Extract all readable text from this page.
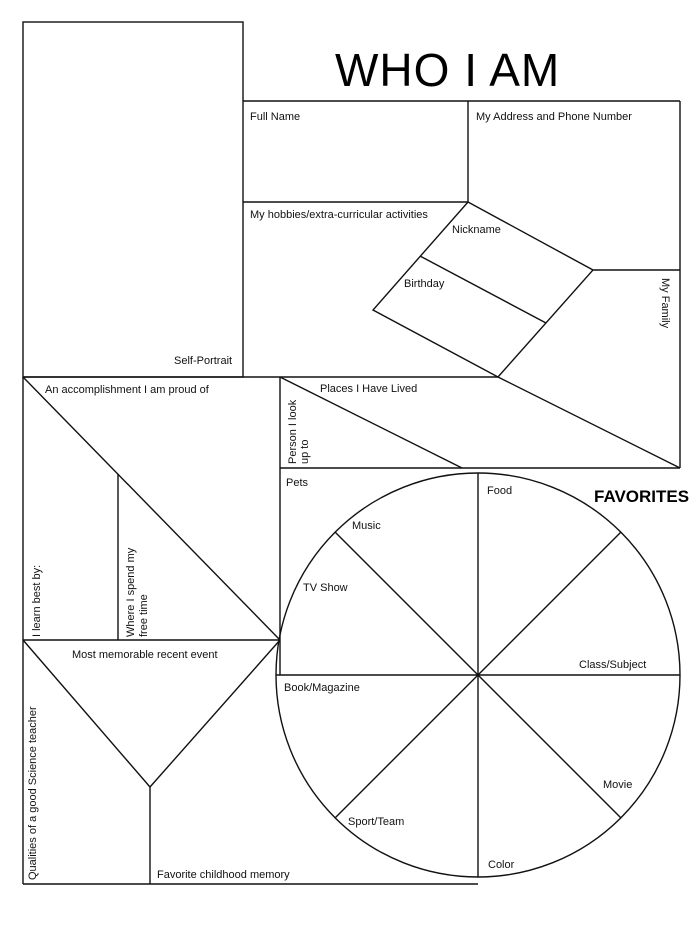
WHO I AM
FAVORITES
Self-Portrait
Full Name	My Address and Phone Number
My hobbies/extra-curricular activities
Nickname
Birthday	My Family
An accomplishment I am proud of
Person I look up to
Places I Have Lived
I learn best by:	Where I spend my free time
Most memorable recent event
Qualities of a good Science teacher	Favorite childhood memory
Pets
Food
Music
TV Show
Class/Subject
Book/Magazine
Movie
Sport/Team
Color
